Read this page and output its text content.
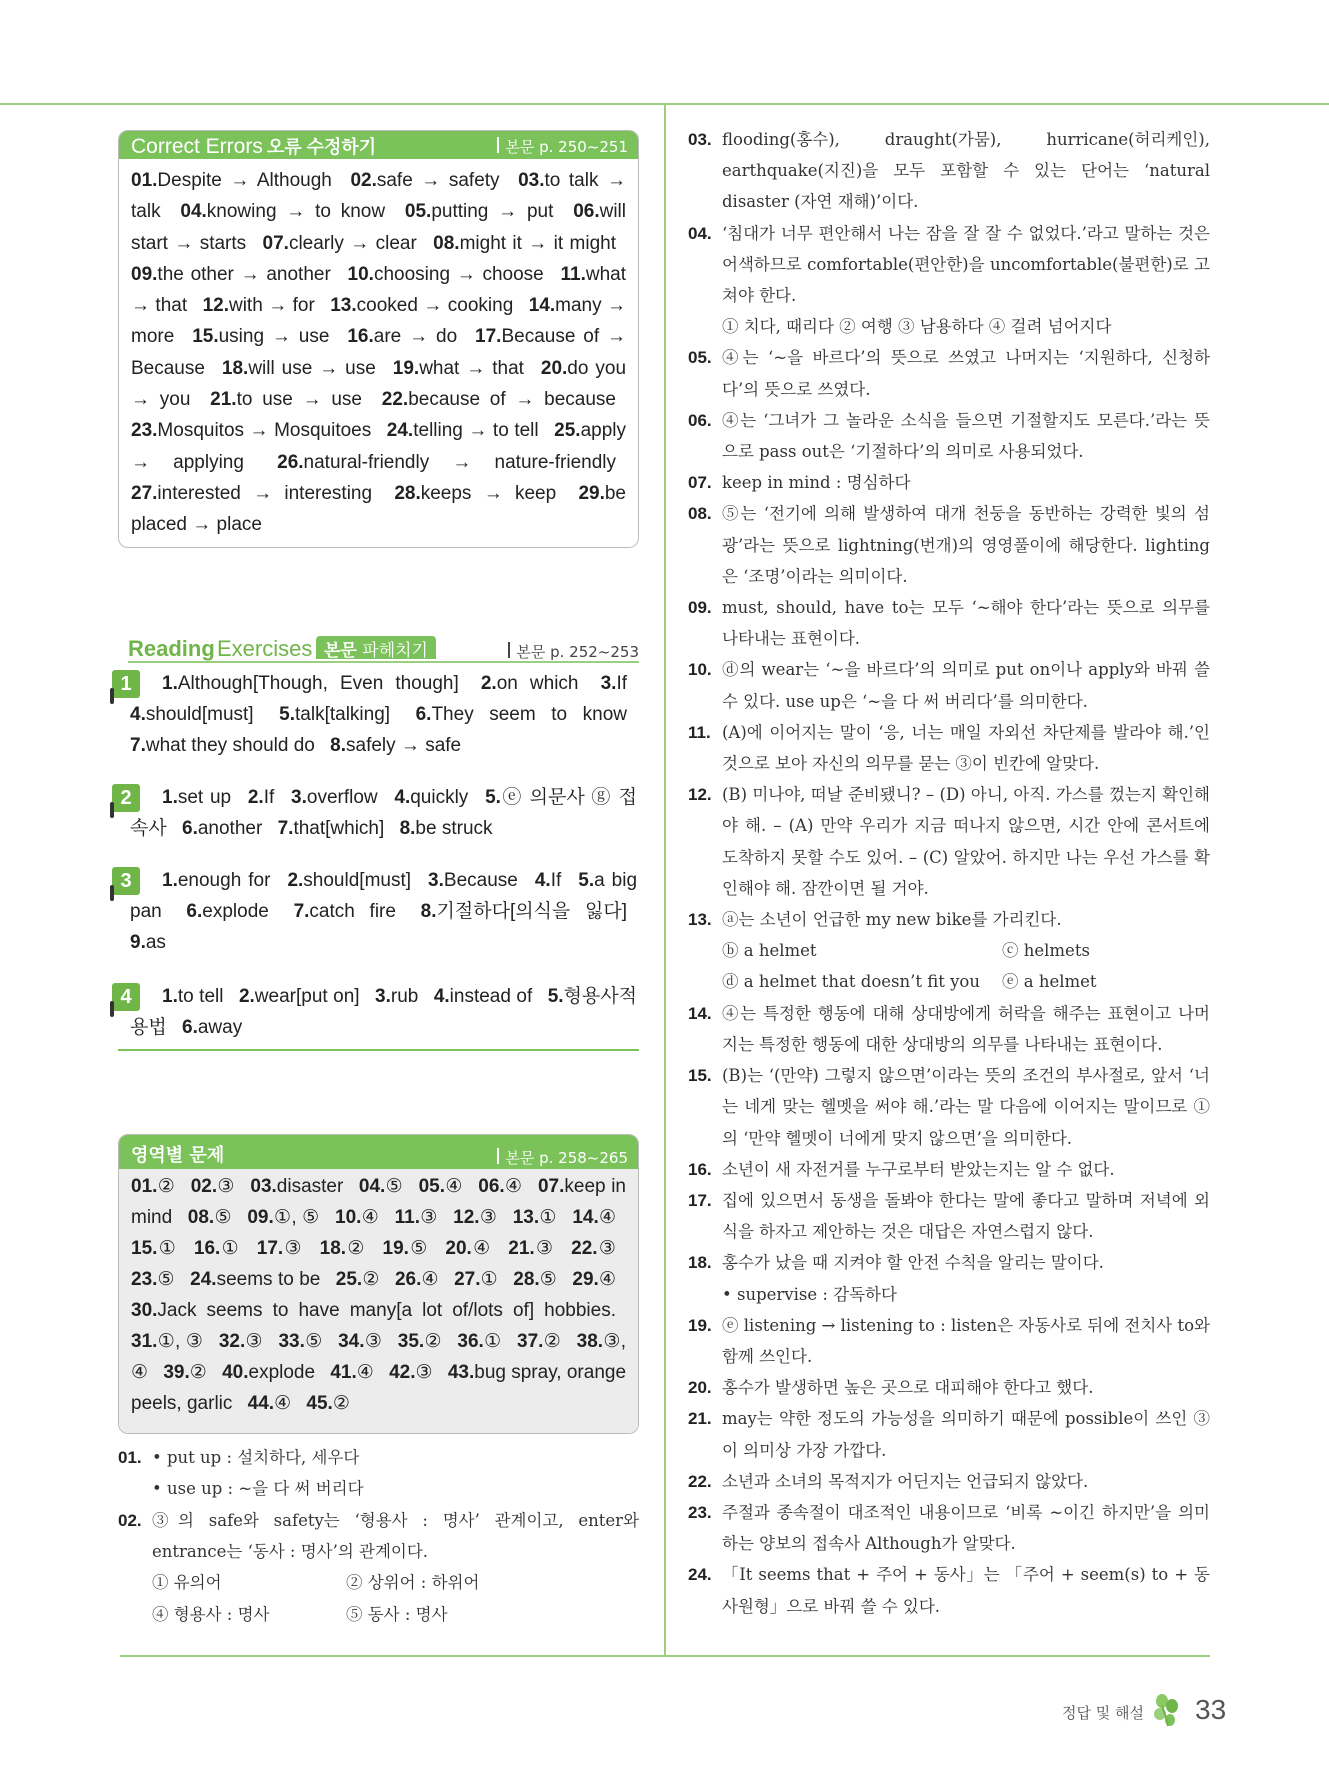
Correct Errors 오류 수정하기	본문 p. 250~251
01.Despite → Although 02.safe → safety 03.to talk → talk 04.knowing → to know 05.putting → put 06.will start → starts 07.clearly → clear 08.might it → it might 09.the other → another 10.choosing → choose 11.what → that 12.with → for 13.cooked → cooking 14.many → more 15.using → use 16.are → do 17.Because of → Because 18.will use → use 19.what → that 20.do you → you 21.to use → use 22.because of → because 23.Mosquitos → Mosquitoes 24.telling → to tell 25.apply → applying 26.natural-friendly → nature-friendly 27.interested → interesting 28.keeps → keep 29.be placed → place
Reading Exercises 본문 파헤치기	본문 p. 252~253
1	1.Although[Though, Even though] 2.on which 3.If 4.should[must] 5.talk[talking] 6.They seem to know 7.what they should do 8.safely → safe
2	1.set up 2.If 3.overflow 4.quickly 5.ⓔ 의문사 ⓖ 접속사 6.another 7.that[which] 8.be struck
3	1.enough for 2.should[must] 3.Because 4.If 5.a big pan 6.explode 7.catch fire 8.기절하다[의식을 잃다] 9.as
4	1.to tell 2.wear[put on] 3.rub 4.instead of 5.형용사적 용법 6.away
영역별 문제	본문 p. 258~265
01.② 02.③ 03.disaster 04.⑤ 05.④ 06.④ 07.keep in mind 08.⑤ 09.①, ⑤ 10.④ 11.③ 12.③ 13.① 14.④ 15.① 16.① 17.③ 18.② 19.⑤ 20.④ 21.③ 22.③ 23.⑤ 24.seems to be 25.② 26.④ 27.① 28.⑤ 29.④ 30.Jack seems to have many[a lot of/lots of] hobbies. 31.①, ③ 32.③ 33.⑤ 34.③ 35.② 36.① 37.② 38.③, ④ 39.② 40.explode 41.④ 42.③ 43.bug spray, orange peels, garlic 44.④ 45.②
01. • put up : 설치하다, 세우다
• use up : ~을 다 써 버리다
02. ③의 safe와 safety는 ‘형용사 : 명사’ 관계이고, enter와 entrance는 ‘동사 : 명사’의 관계이다.
① 유의어	② 상위어 : 하위어
④ 형용사 : 명사	⑤ 동사 : 명사
03. flooding(홍수), draught(가뭄), hurricane(허리케인), earthquake(지진)을 모두 포함할 수 있는 단어는 ‘natural disaster (자연 재해)’이다.
04. ‘침대가 너무 편안해서 나는 잠을 잘 잘 수 없었다.’라고 말하는 것은 어색하므로 comfortable(편안한)을 uncomfortable(불편한)로 고쳐야 한다.
① 치다, 때리다 ② 여행 ③ 남용하다 ④ 걸려 넘어지다
05. ④는 ‘~을 바르다’의 뜻으로 쓰였고 나머지는 ‘지원하다, 신청하다’의 뜻으로 쓰였다.
06. ④는 ‘그녀가 그 놀라운 소식을 들으면 기절할지도 모른다.’라는 뜻으로 pass out은 ‘기절하다’의 의미로 사용되었다.
07. keep in mind : 명심하다
08. ⑤는 ‘전기에 의해 발생하여 대개 천둥을 동반하는 강력한 빛의 섬광’라는 뜻으로 lightning(번개)의 영영풀이에 해당한다. lighting은 ‘조명’이라는 의미이다.
09. must, should, have to는 모두 ‘~해야 한다’라는 뜻으로 의무를 나타내는 표현이다.
10. ⓓ의 wear는 ‘~을 바르다’의 의미로 put on이나 apply와 바꿔 쓸 수 있다. use up은 ‘~을 다 써 버리다’를 의미한다.
11. (A)에 이어지는 말이 ‘응, 너는 매일 자외선 차단제를 발라야 해.’인 것으로 보아 자신의 의무를 묻는 ③이 빈칸에 알맞다.
12. (B) 미나야, 떠날 준비됐니? – (D) 아니, 아직. 가스를 껐는지 확인해야 해. – (A) 만약 우리가 지금 떠나지 않으면, 시간 안에 콘서트에 도착하지 못할 수도 있어. – (C) 알았어. 하지만 나는 우선 가스를 확인해야 해. 잠깐이면 될 거야.
13. ⓐ는 소년이 언급한 my new bike를 가리킨다.
ⓑ a helmet	ⓒ helmets
ⓓ a helmet that doesn’t fit you	ⓔ a helmet
14. ④는 특정한 행동에 대해 상대방에게 허락을 해주는 표현이고 나머지는 특정한 행동에 대한 상대방의 의무를 나타내는 표현이다.
15. (B)는 ‘(만약) 그렇지 않으면’이라는 뜻의 조건의 부사절로, 앞서 ‘너는 네게 맞는 헬멧을 써야 해.’라는 말 다음에 이어지는 말이므로 ①의 ‘만약 헬멧이 너에게 맞지 않으면’을 의미한다.
16. 소년이 새 자전거를 누구로부터 받았는지는 알 수 없다.
17. 집에 있으면서 동생을 돌봐야 한다는 말에 좋다고 말하며 저녁에 외식을 하자고 제안하는 것은 대답은 자연스럽지 않다.
18. 홍수가 났을 때 지켜야 할 안전 수칙을 알리는 말이다.
• supervise : 감독하다
19. ⓔ listening → listening to : listen은 자동사로 뒤에 전치사 to와 함께 쓰인다.
20. 홍수가 발생하면 높은 곳으로 대피해야 한다고 했다.
21. may는 약한 정도의 가능성을 의미하기 때문에 possible이 쓰인 ③이 의미상 가장 가깝다.
22. 소년과 소녀의 목적지가 어딘지는 언급되지 않았다.
23. 주절과 종속절이 대조적인 내용이므로 ‘비록 ~이긴 하지만’을 의미하는 양보의 접속사 Although가 알맞다.
24. 「It seems that + 주어 + 동사」는 「주어 + seem(s) to + 동사원형」으로 바꿔 쓸 수 있다.
정답 및 해설 33
